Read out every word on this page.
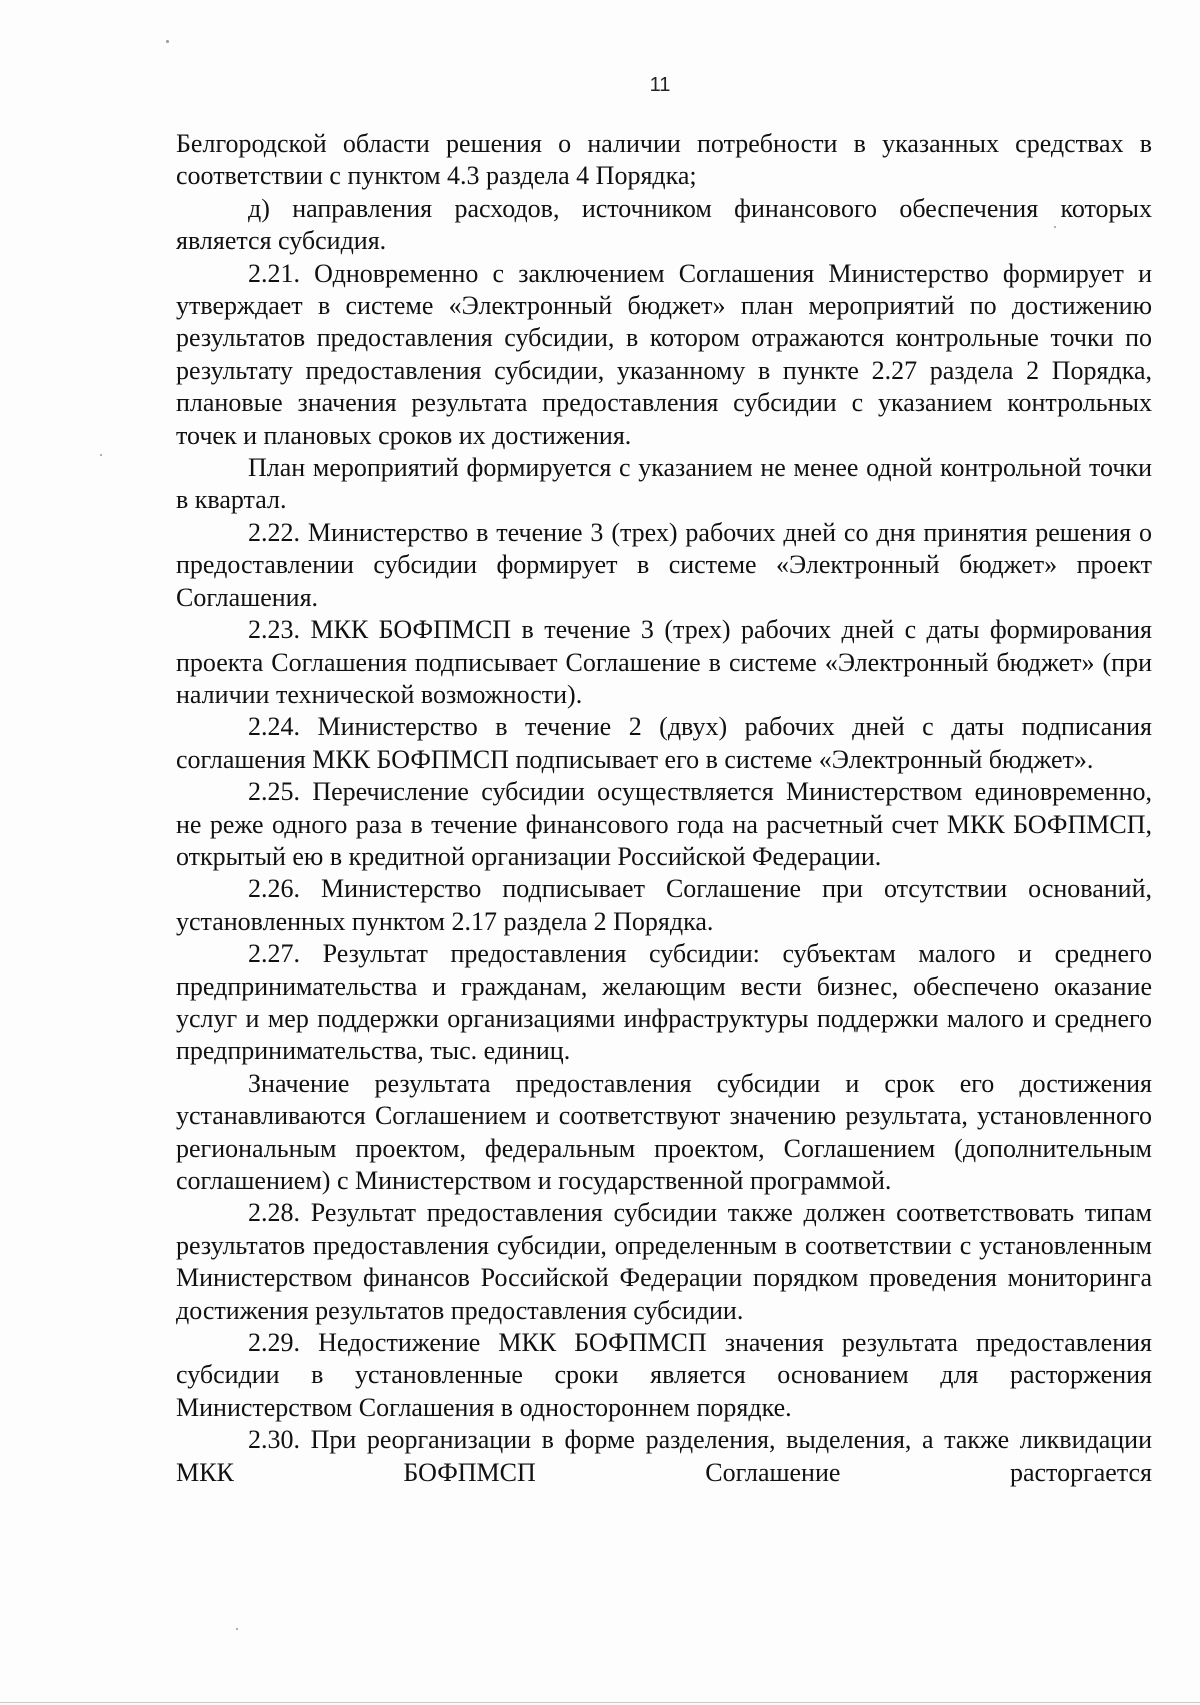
11

Белгородской области решения о наличии потребности в указанных средствах в соответствии с пунктом 4.3 раздела 4 Порядка;

д) направления расходов, источником финансового обеспечения которых является субсидия.

2.21. Одновременно с заключением Соглашения Министерство формирует и утверждает в системе «Электронный бюджет» план мероприятий по достижению результатов предоставления субсидии, в котором отражаются контрольные точки по результату предоставления субсидии, указанному в пункте 2.27 раздела 2 Порядка, плановые значения результата предоставления субсидии с указанием контрольных точек и плановых сроков их достижения.

План мероприятий формируется с указанием не менее одной контрольной точки в квартал.

2.22. Министерство в течение 3 (трех) рабочих дней со дня принятия решения о предоставлении субсидии формирует в системе «Электронный бюджет» проект Соглашения.

2.23. МКК БОФПМСП в течение 3 (трех) рабочих дней с даты формирования проекта Соглашения подписывает Соглашение в системе «Электронный бюджет» (при наличии технической возможности).

2.24. Министерство в течение 2 (двух) рабочих дней с даты подписания соглашения МКК БОФПМСП подписывает его в системе «Электронный бюджет».

2.25. Перечисление субсидии осуществляется Министерством единовременно, не реже одного раза в течение финансового года на расчетный счет МКК БОФПМСП, открытый ею в кредитной организации Российской Федерации.

2.26. Министерство подписывает Соглашение при отсутствии оснований, установленных пунктом 2.17 раздела 2 Порядка.

2.27. Результат предоставления субсидии: субъектам малого и среднего предпринимательства и гражданам, желающим вести бизнес, обеспечено оказание услуг и мер поддержки организациями инфраструктуры поддержки малого и среднего предпринимательства, тыс. единиц.

Значение результата предоставления субсидии и срок его достижения устанавливаются Соглашением и соответствуют значению результата, установленного региональным проектом, федеральным проектом, Соглашением (дополнительным соглашением) с Министерством и государственной программой.

2.28. Результат предоставления субсидии также должен соответствовать типам результатов предоставления субсидии, определенным в соответствии с установленным Министерством финансов Российской Федерации порядком проведения мониторинга достижения результатов предоставления субсидии.

2.29. Недостижение МКК БОФПМСП значения результата предоставления субсидии в установленные сроки является основанием для расторжения Министерством Соглашения в одностороннем порядке.

2.30. При реорганизации в форме разделения, выделения, а также ликвидации МКК БОФПМСП Соглашение расторгается
